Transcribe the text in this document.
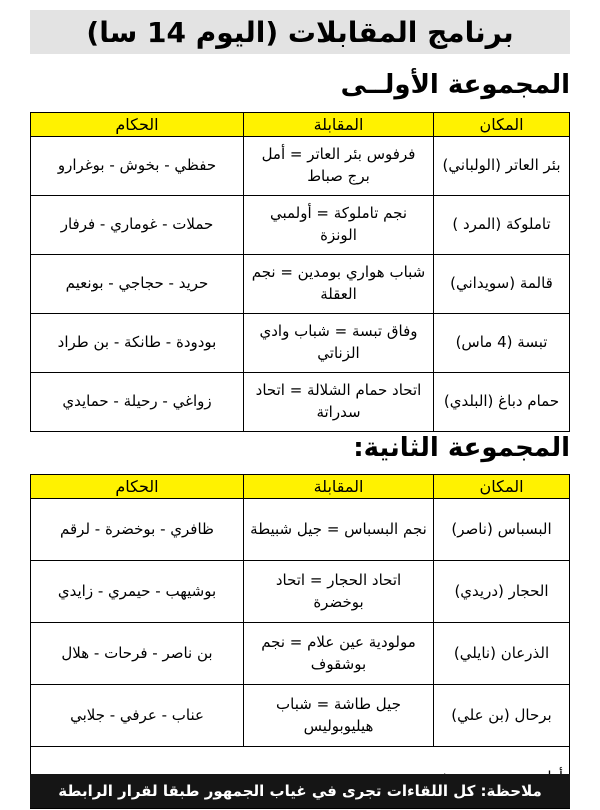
برنامج المقابلات (اليوم 14 سا)
المجموعة الأولــى
المكان	المقابلة	الحكام
بئر العاتر (الولباني)	فرفوس بئر العاتر = أمل برج صباط	حفظي - بخوش - بوغرارو
تاملوكة (المرد )	نجم تاملوكة = أولمبي الونزة	حملات - غوماري - فرفار
قالمة (سويداني)	شباب هواري بومدين = نجم العقلة	حريد - حجاجي - بونعيم
تبسة (4 ماس)	وفاق تبسة = شباب وادي الزناتي	بودودة - طانكة - بن طراد
حمام دباغ (البلدي)	اتحاد حمام الشلالة = اتحاد سدراتة	زواغي - رحيلة - حمايدي
المجموعة الثانية:
المكان	المقابلة	الحكام
البسباس (ناصر)	نجم البسباس = جيل شبيطة	ظافري - بوخضرة - لرقم
الحجار (دريدي)	اتحاد الحجار = اتحاد بوخضرة	بوشيهب - حيمري - زايدي
الذرعان (نايلي)	مولودية عين علام = نجم بوشقوف	بن ناصر - فرحات - هلال
برحال (بن علي)	جيل طاشة = شباب هيليوبوليس	عناب - عرفي - جلابي

ملاحظة: كل اللقاءات تجرى في غياب الجمهور طبقا لقرار الرابطة
